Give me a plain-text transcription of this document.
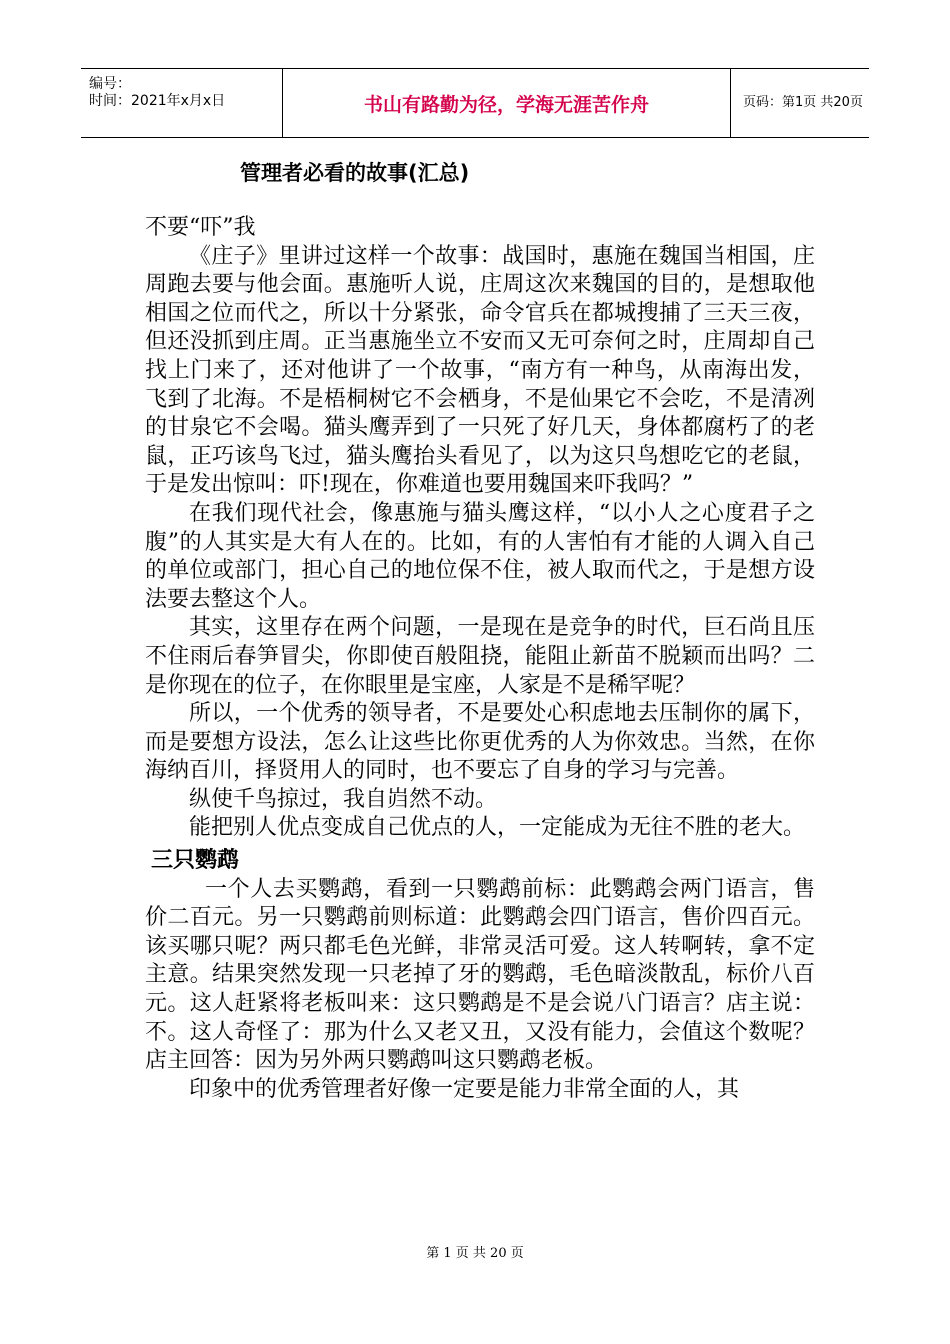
编号：
时间：2021年x月x日	书山有路勤为径，学海无涯苦作舟	页码：第1页 共20页
管理者必看的故事(汇总)

不要“吓”我

《庄子》里讲过这样一个故事：战国时，惠施在魏国当相国，庄周跑去要与他会面。惠施听人说，庄周这次来魏国的目的，是想取他相国之位而代之，所以十分紧张，命令官兵在都城搜捕了三天三夜，但还没抓到庄周。正当惠施坐立不安而又无可奈何之时，庄周却自己找上门来了，还对他讲了一个故事，“南方有一种鸟，从南海出发，飞到了北海。不是梧桐树它不会栖身，不是仙果它不会吃，不是清冽的甘泉它不会喝。猫头鹰弄到了一只死了好几天，身体都腐朽了的老鼠，正巧该鸟飞过，猫头鹰抬头看见了，以为这只鸟想吃它的老鼠，于是发出惊叫：吓!现在，你难道也要用魏国来吓我吗？”

在我们现代社会，像惠施与猫头鹰这样，“以小人之心度君子之腹”的人其实是大有人在的。比如，有的人害怕有才能的人调入自己的单位或部门，担心自己的地位保不住，被人取而代之，于是想方设法要去整这个人。

其实，这里存在两个问题，一是现在是竞争的时代，巨石尚且压不住雨后春笋冒尖，你即使百般阻挠，能阻止新苗不脱颖而出吗？二是你现在的位子，在你眼里是宝座，人家是不是稀罕呢？

所以，一个优秀的领导者，不是要处心积虑地去压制你的属下，而是要想方设法，怎么让这些比你更优秀的人为你效忠。当然，在你海纳百川，择贤用人的同时，也不要忘了自身的学习与完善。

纵使千鸟掠过，我自岿然不动。

能把别人优点变成自己优点的人，一定能成为无往不胜的老大。

三只鹦鹉

一个人去买鹦鹉，看到一只鹦鹉前标：此鹦鹉会两门语言，售价二百元。另一只鹦鹉前则标道：此鹦鹉会四门语言，售价四百元。该买哪只呢？两只都毛色光鲜，非常灵活可爱。这人转啊转，拿不定主意。结果突然发现一只老掉了牙的鹦鹉，毛色暗淡散乱，标价八百元。这人赶紧将老板叫来：这只鹦鹉是不是会说八门语言？店主说：不。这人奇怪了：那为什么又老又丑，又没有能力，会值这个数呢？店主回答：因为另外两只鹦鹉叫这只鹦鹉老板。

印象中的优秀管理者好像一定要是能力非常全面的人，其

第 1 页 共 20 页
